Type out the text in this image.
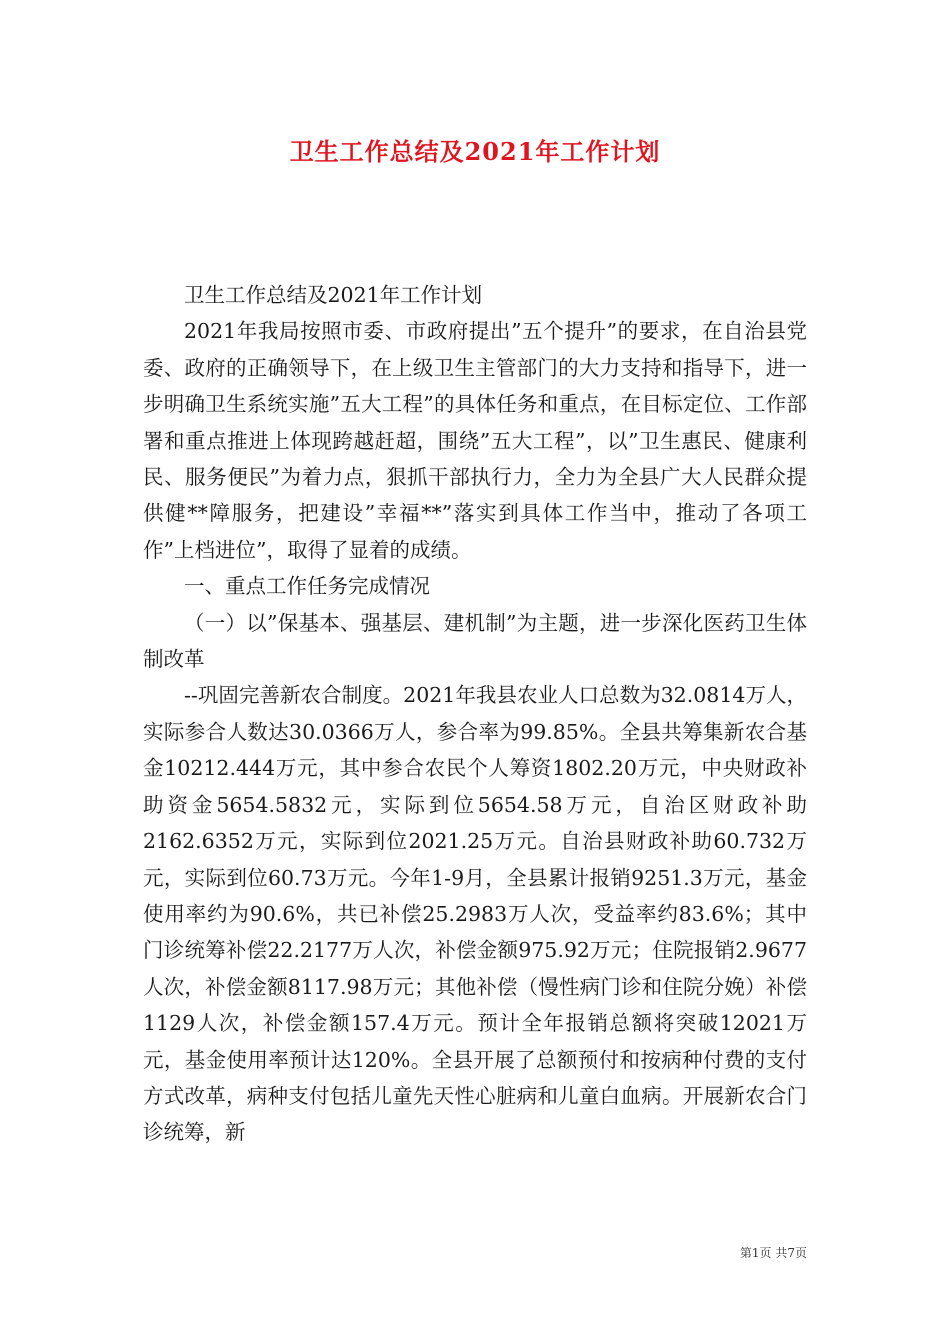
卫生工作总结及2021年工作计划

卫生工作总结及2021年工作计划

2021年我局按照市委、市政府提出”五个提升”的要求，在自治县党委、政府的正确领导下，在上级卫生主管部门的大力支持和指导下，进一步明确卫生系统实施”五大工程”的具体任务和重点，在目标定位、工作部署和重点推进上体现跨越赶超，围绕”五大工程”，以”卫生惠民、健康利民、服务便民”为着力点，狠抓干部执行力，全力为全县广大人民群众提供健**障服务，把建设”幸福**”落实到具体工作当中，推动了各项工作”上档进位”，取得了显着的成绩。

一、重点工作任务完成情况

（一）以”保基本、强基层、建机制”为主题，进一步深化医药卫生体制改革

--巩固完善新农合制度。2021年我县农业人口总数为32.0814万人，实际参合人数达30.0366万人，参合率为99.85%。全县共筹集新农合基金10212.444万元，其中参合农民个人筹资1802.20万元，中央财政补助资金5654.5832元，实际到位5654.58万元，自治区财政补助2162.6352万元，实际到位2021.25万元。自治县财政补助60.732万元，实际到位60.73万元。今年1-9月，全县累计报销9251.3万元，基金使用率约为90.6%，共已补偿25.2983万人次，受益率约83.6%；其中门诊统筹补偿22.2177万人次，补偿金额975.92万元；住院报销2.9677人次，补偿金额8117.98万元；其他补偿（慢性病门诊和住院分娩）补偿1129人次，补偿金额157.4万元。预计全年报销总额将突破12021万元，基金使用率预计达120%。全县开展了总额预付和按病种付费的支付方式改革，病种支付包括儿童先天性心脏病和儿童白血病。开展新农合门诊统筹，新

第1页 共7页
